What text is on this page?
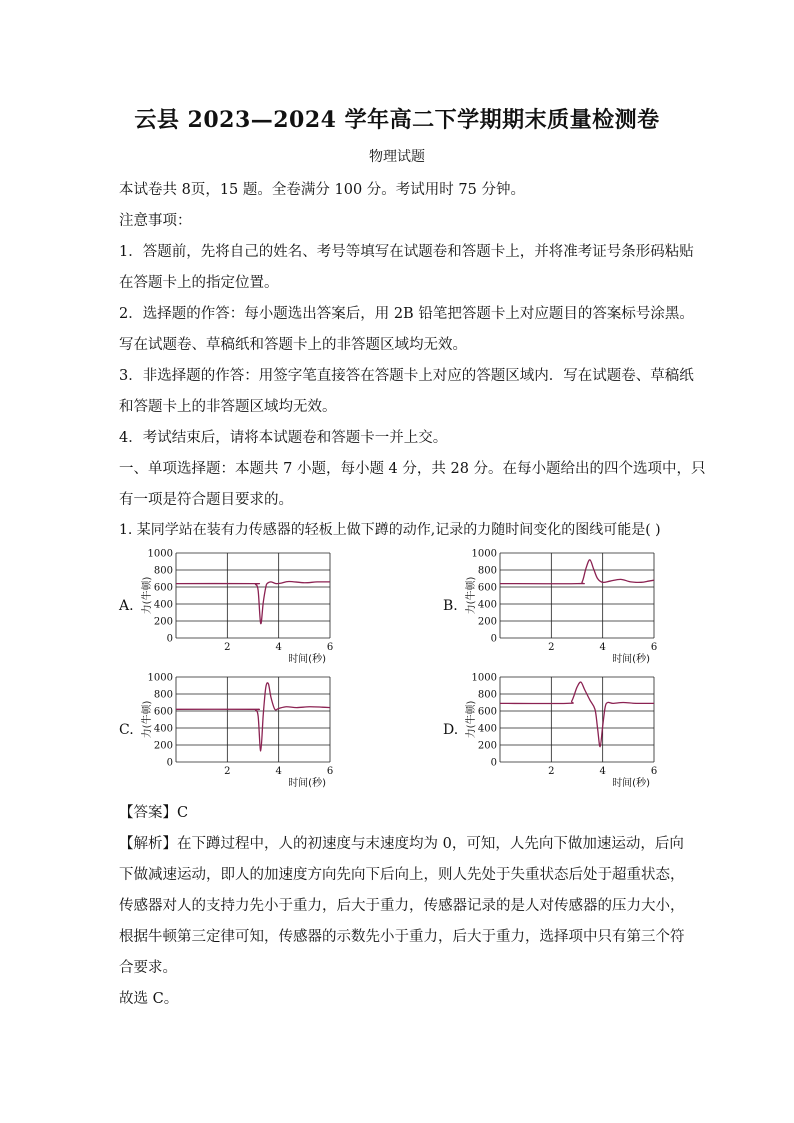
云县 2023—2024 学年高二下学期期末质量检测卷
物理试题
本试卷共 8页，15 题。全卷满分 100 分。考试用时 75 分钟。
注意事项：
1．答题前，先将自己的姓名、考号等填写在试题卷和答题卡上，并将准考证号条形码粘贴
在答题卡上的指定位置。
2．选择题的作答：每小题选出答案后，用 2B 铅笔把答题卡上对应题目的答案标号涂黑。
写在试题卷、草稿纸和答题卡上的非答题区域均无效。
3．非选择题的作答：用签字笔直接答在答题卡上对应的答题区域内．写在试题卷、草稿纸
和答题卡上的非答题区域均无效。
4．考试结束后，请将本试题卷和答题卡一并上交。
一、单项选择题：本题共 7 小题，每小题 4 分，共 28 分。在每小题给出的四个选项中，只
有一项是符合题目要求的。
1. 某同学站在装有力传感器的轻板上做下蹲的动作,记录的力随时间变化的图线可能是( )
A.	B.
C.	D.
1000
800
600
400
200
0
2	4	6
时间(秒)
力(牛顿)
1000
800
600
400
200
0
2	4	6
时间(秒)
力(牛顿)
1000
800
600
400
200
0
2	4	6
时间(秒)
力(牛顿)
1000
800
600
400
200
0
2	4	6
时间(秒)
力(牛顿)
【答案】C
【解析】在下蹲过程中，人的初速度与末速度均为 0，可知，人先向下做加速运动，后向
下做减速运动，即人的加速度方向先向下后向上，则人先处于失重状态后处于超重状态，
传感器对人的支持力先小于重力，后大于重力，传感器记录的是人对传感器的压力大小，
根据牛顿第三定律可知，传感器的示数先小于重力，后大于重力，选择项中只有第三个符
合要求。
故选 C。
